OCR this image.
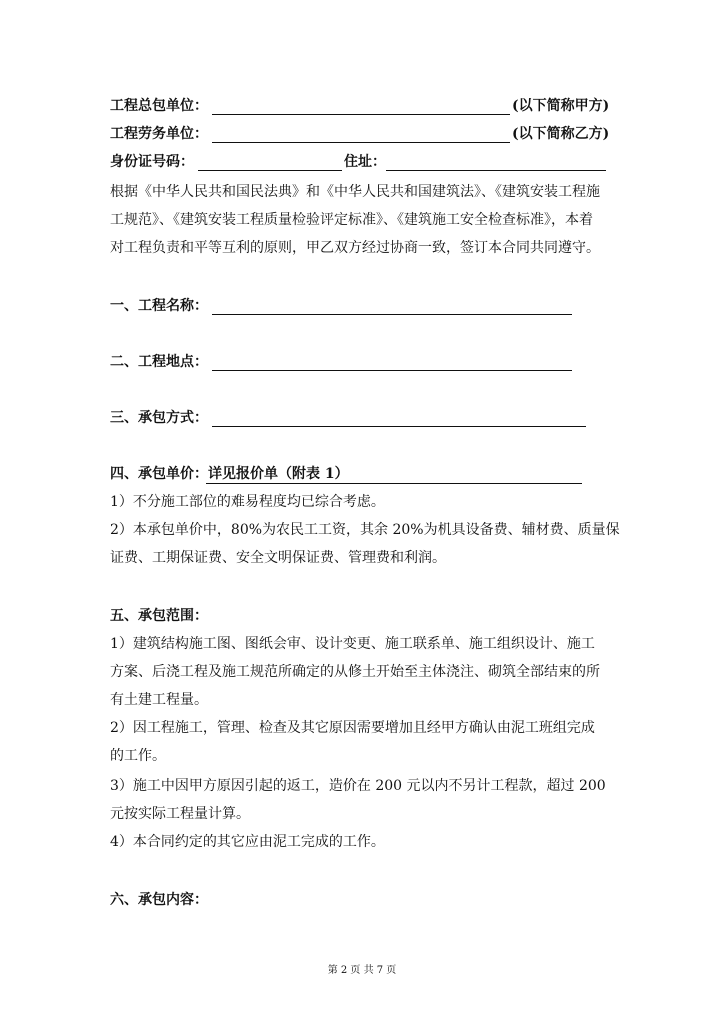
工程总包单位：	(以下简称甲方)
工程劳务单位：	(以下简称乙方)
身份证号码：	住址：
根据《中华人民共和国民法典》和《中华人民共和国建筑法》、《建筑安装工程施
工规范》、《建筑安装工程质量检验评定标准》、《建筑施工安全检查标准》，本着
对工程负责和平等互利的原则，甲乙双方经过协商一致，签订本合同共同遵守。
一、工程名称：
二、工程地点：
三、承包方式：
四、承包单价：详见报价单（附表 1）
1）不分施工部位的难易程度均已综合考虑。
2）本承包单价中，80%为农民工工资，其余 20%为机具设备费、辅材费、质量保
证费、工期保证费、安全文明保证费、管理费和利润。
五、承包范围：
1）建筑结构施工图、图纸会审、设计变更、施工联系单、施工组织设计、施工
方案、后浇工程及施工规范所确定的从修土开始至主体浇注、砌筑全部结束的所
有土建工程量。
2）因工程施工，管理、检查及其它原因需要增加且经甲方确认由泥工班组完成
的工作。
3）施工中因甲方原因引起的返工，造价在 200 元以内不另计工程款，超过 200
元按实际工程量计算。
4）本合同约定的其它应由泥工完成的工作。
六、承包内容：
第 2 页 共 7 页
